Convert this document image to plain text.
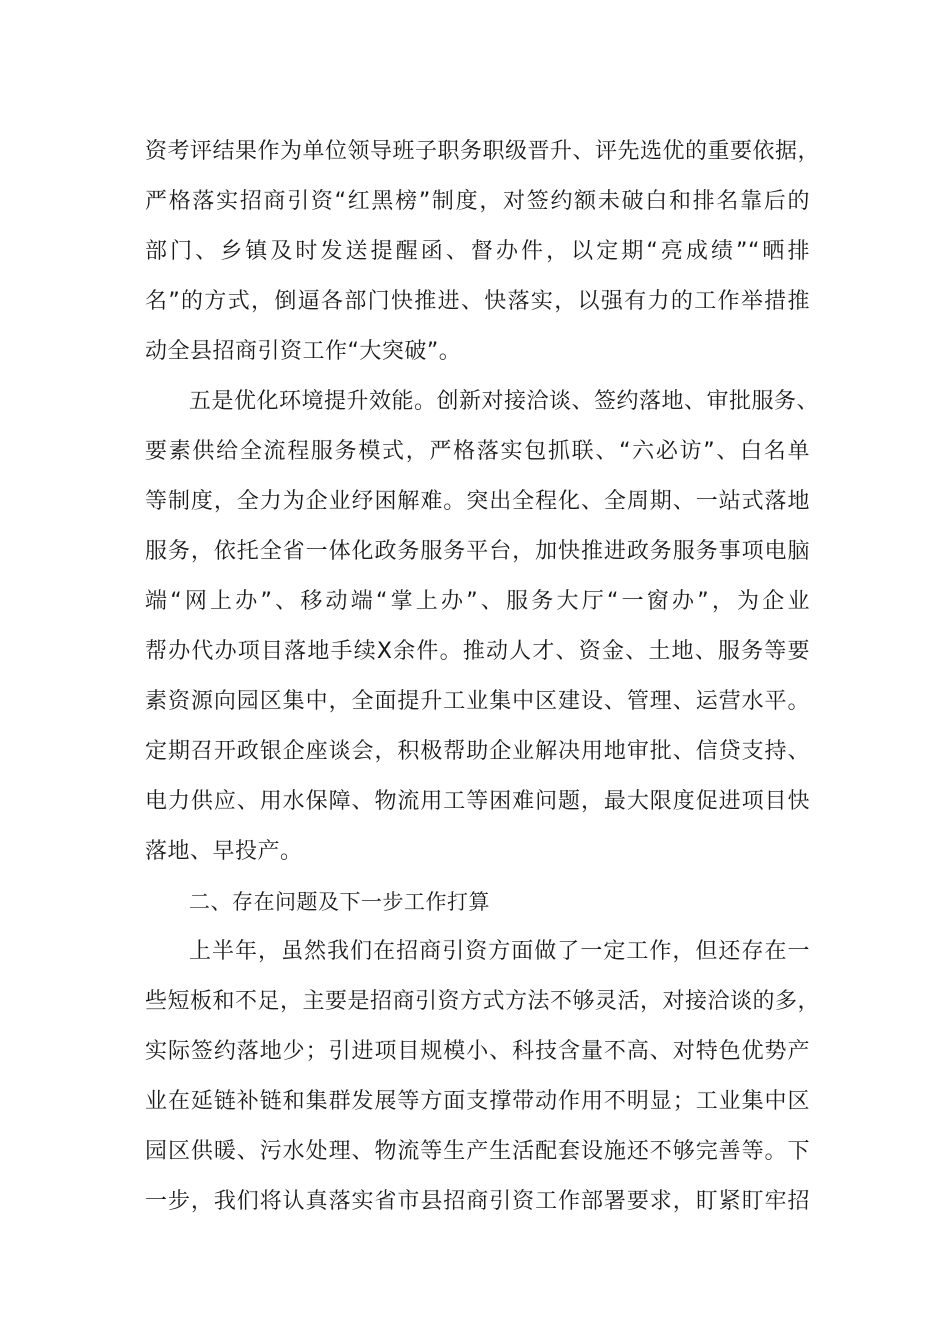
资考评结果作为单位领导班子职务职级晋升、评先选优的重要依据，
严格落实招商引资“红黑榜”制度，对签约额未破白和排名靠后的
部门、乡镇及时发送提醒函、督办件，以定期“亮成绩”“晒排
名”的方式，倒逼各部门快推进、快落实，以强有力的工作举措推
动全县招商引资工作“大突破”。
五是优化环境提升效能。创新对接洽谈、签约落地、审批服务、
要素供给全流程服务模式，严格落实包抓联、“六必访”、白名单
等制度，全力为企业纾困解难。突出全程化、全周期、一站式落地
服务，依托全省一体化政务服务平台，加快推进政务服务事项电脑
端“网上办”、移动端“掌上办”、服务大厅“一窗办”，为企业
帮办代办项目落地手续X余件。推动人才、资金、土地、服务等要
素资源向园区集中，全面提升工业集中区建设、管理、运营水平。
定期召开政银企座谈会，积极帮助企业解决用地审批、信贷支持、
电力供应、用水保障、物流用工等困难问题，最大限度促进项目快
落地、早投产。
二、存在问题及下一步工作打算
上半年，虽然我们在招商引资方面做了一定工作，但还存在一
些短板和不足，主要是招商引资方式方法不够灵活，对接洽谈的多，
实际签约落地少；引进项目规模小、科技含量不高、对特色优势产
业在延链补链和集群发展等方面支撑带动作用不明显；工业集中区
园区供暖、污水处理、物流等生产生活配套设施还不够完善等。下
一步，我们将认真落实省市县招商引资工作部署要求，盯紧盯牢招
